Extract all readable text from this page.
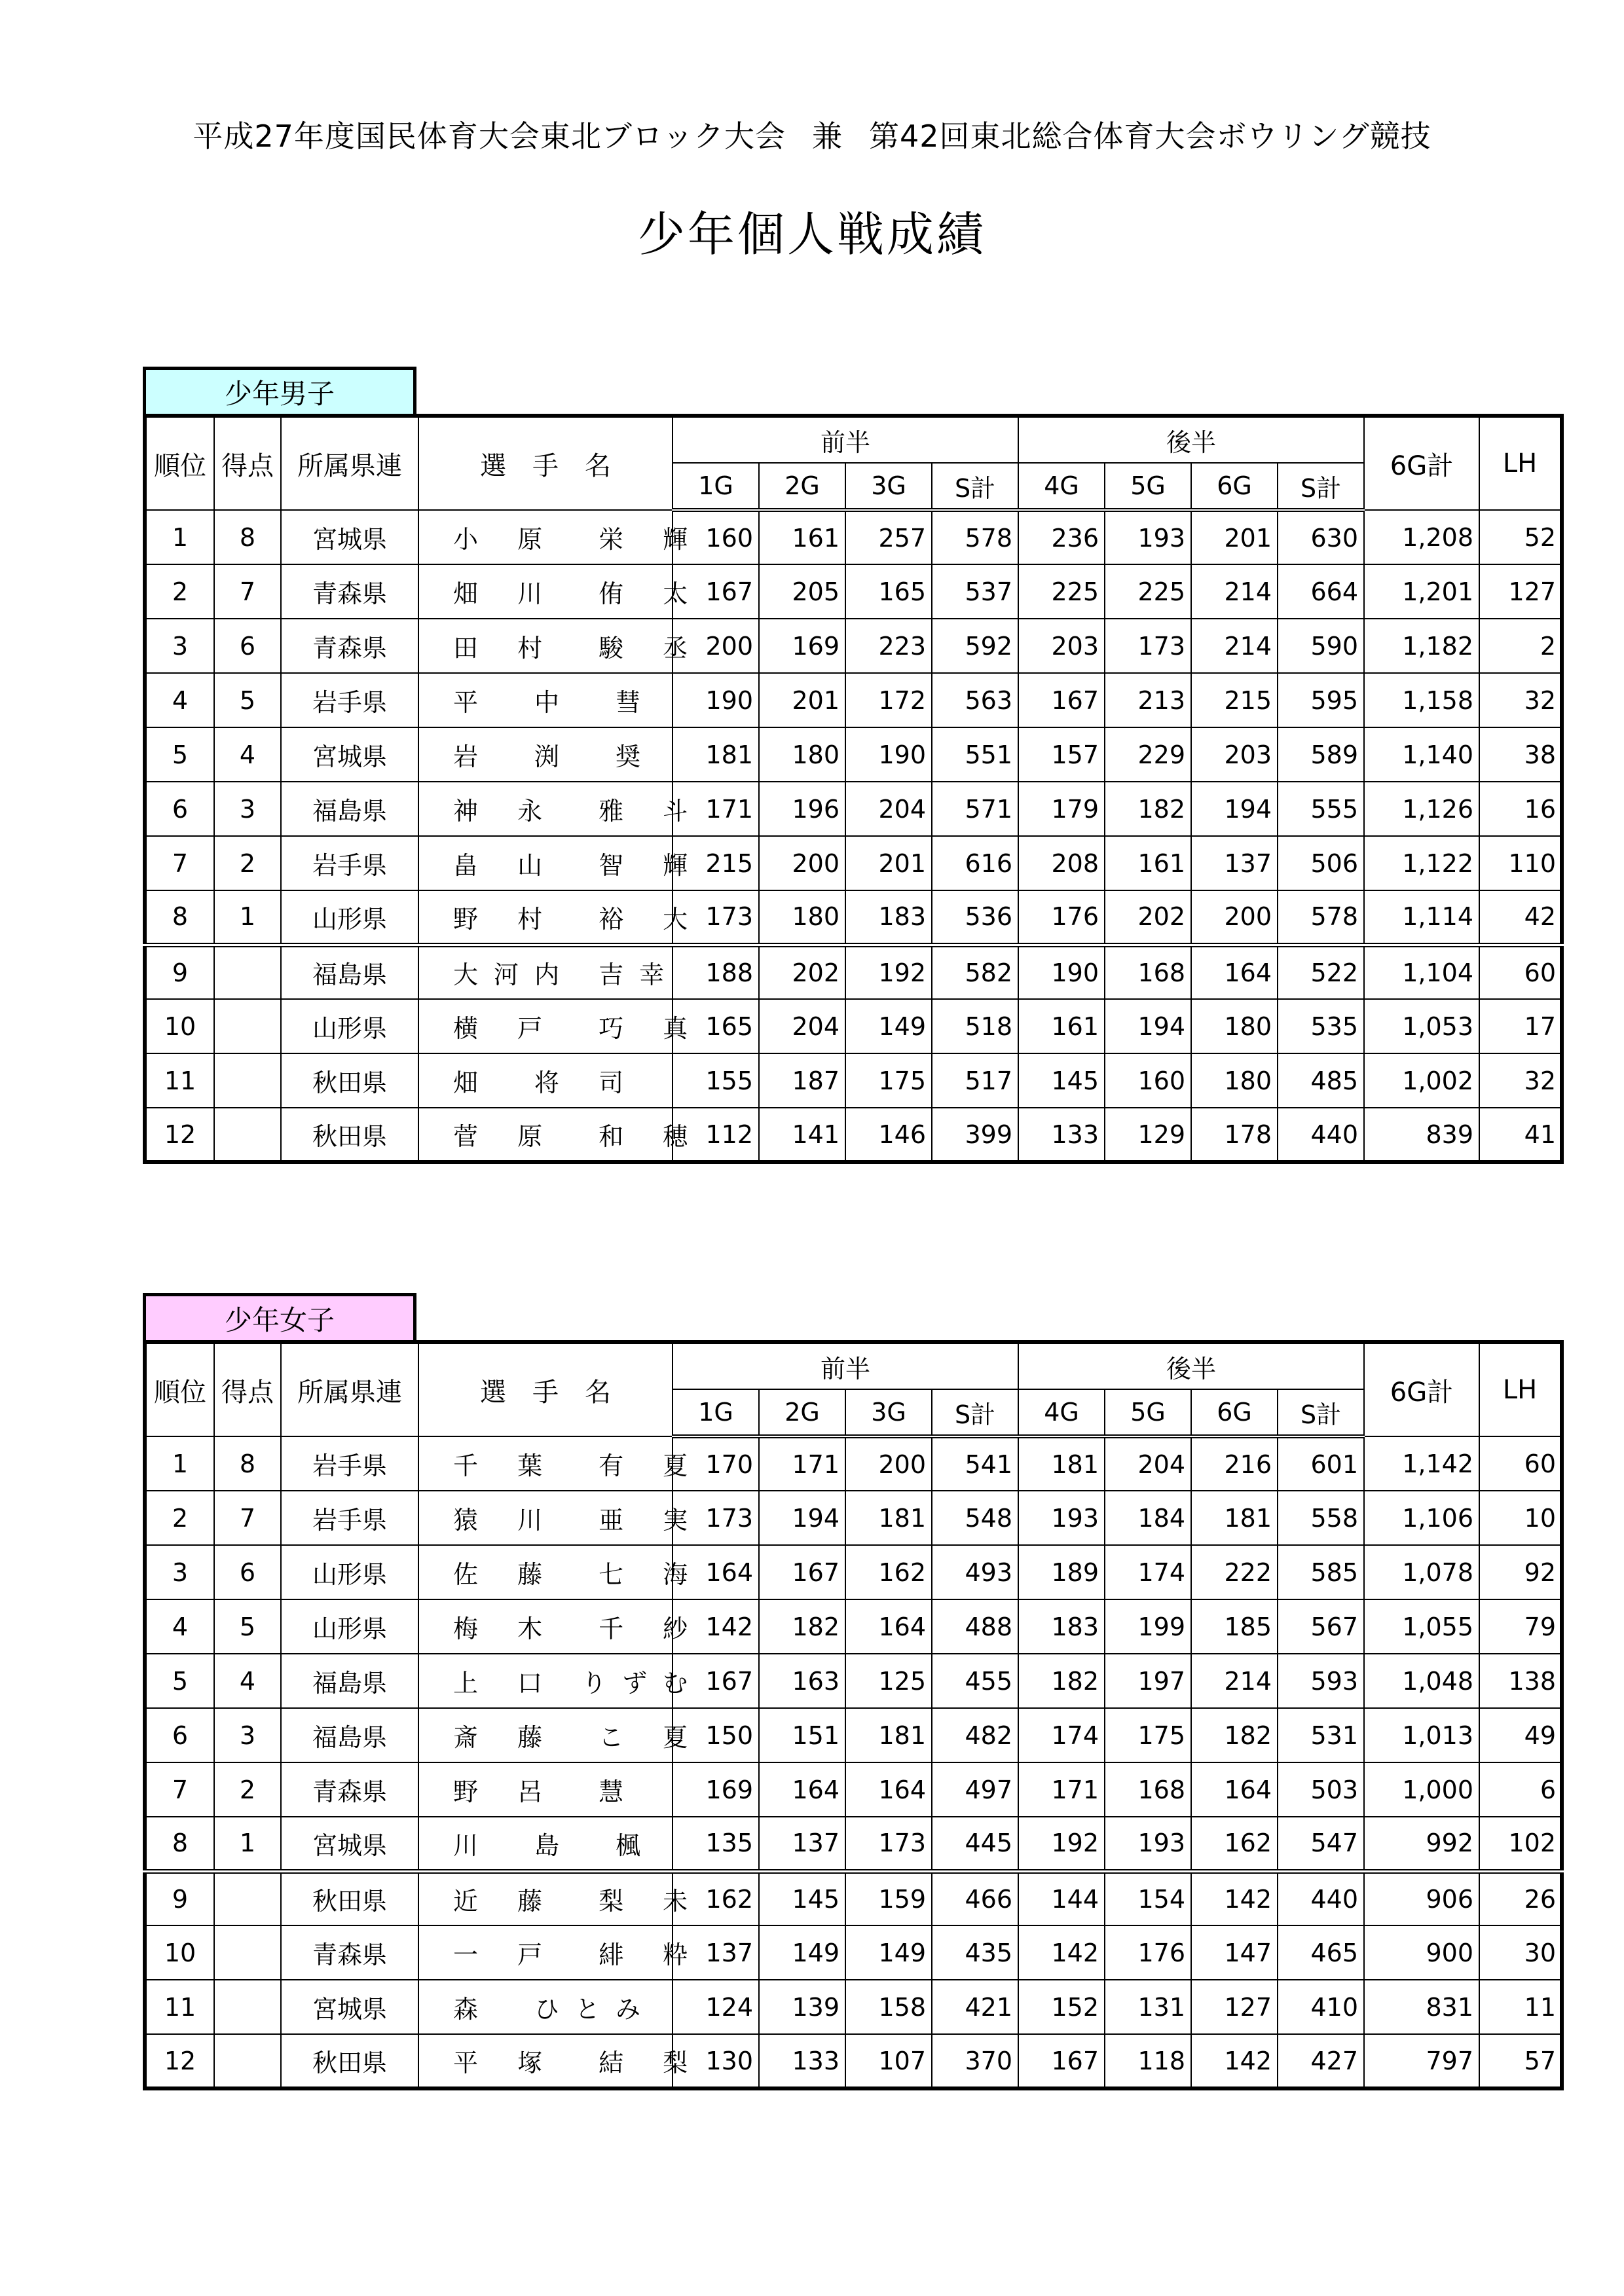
平成27年度国民体育大会東北ブロック大会 兼 第42回東北総合体育大会ボウリング競技
少年個人戦成績
少年男子
順位	得点	所属県連	選　手　名	前半				後半				6G計	LH
				1G	2G	3G	S計	4G	5G	6G	S計		
1	8	宮城県	小 原　栄 輝	160	161	257	578	236	193	201	630	1,208	52
2	7	青森県	畑 川　侑 太	167	205	165	537	225	225	214	664	1,201	127
3	6	青森県	田 村　駿 丞	200	169	223	592	203	173	214	590	1,182	2
4	5	岩手県	平　中　彗	190	201	172	563	167	213	215	595	1,158	32
5	4	宮城県	岩　渕　奨	181	180	190	551	157	229	203	589	1,140	38
6	3	福島県	神 永　雅 斗	171	196	204	571	179	182	194	555	1,126	16
7	2	岩手県	畠 山　智 輝	215	200	201	616	208	161	137	506	1,122	110
8	1	山形県	野 村　裕 大	173	180	183	536	176	202	200	578	1,114	42
9		福島県	大河内 吉幸	188	202	192	582	190	168	164	522	1,104	60
10		山形県	横 戸　巧 真	165	204	149	518	161	194	180	535	1,053	17
11		秋田県	畑　将 司	155	187	175	517	145	160	180	485	1,002	32
12		秋田県	菅 原　和 穂	112	141	146	399	133	129	178	440	839	41
少年女子
順位	得点	所属県連	選　手　名	前半				後半				6G計	LH
				1G	2G	3G	S計	4G	5G	6G	S計		
1	8	岩手県	千 葉　有 夏	170	171	200	541	181	204	216	601	1,142	60
2	7	岩手県	猿 川　亜 実	173	194	181	548	193	184	181	558	1,106	10
3	6	山形県	佐 藤　七 海	164	167	162	493	189	174	222	585	1,078	92
4	5	山形県	梅 木　千 紗	142	182	164	488	183	199	185	567	1,055	79
5	4	福島県	上 口 りずむ	167	163	125	455	182	197	214	593	1,048	138
6	3	福島県	斎 藤　こ 夏	150	151	181	482	174	175	182	531	1,013	49
7	2	青森県	野 呂　慧	169	164	164	497	171	168	164	503	1,000	6
8	1	宮城県	川　島　楓	135	137	173	445	192	193	162	547	992	102
9		秋田県	近 藤　梨 未	162	145	159	466	144	154	142	440	906	26
10		青森県	一 戸　緋 粋	137	149	149	435	142	176	147	465	900	30
11		宮城県	森　ひとみ	124	139	158	421	152	131	127	410	831	11
12		秋田県	平 塚　結 梨	130	133	107	370	167	118	142	427	797	57
